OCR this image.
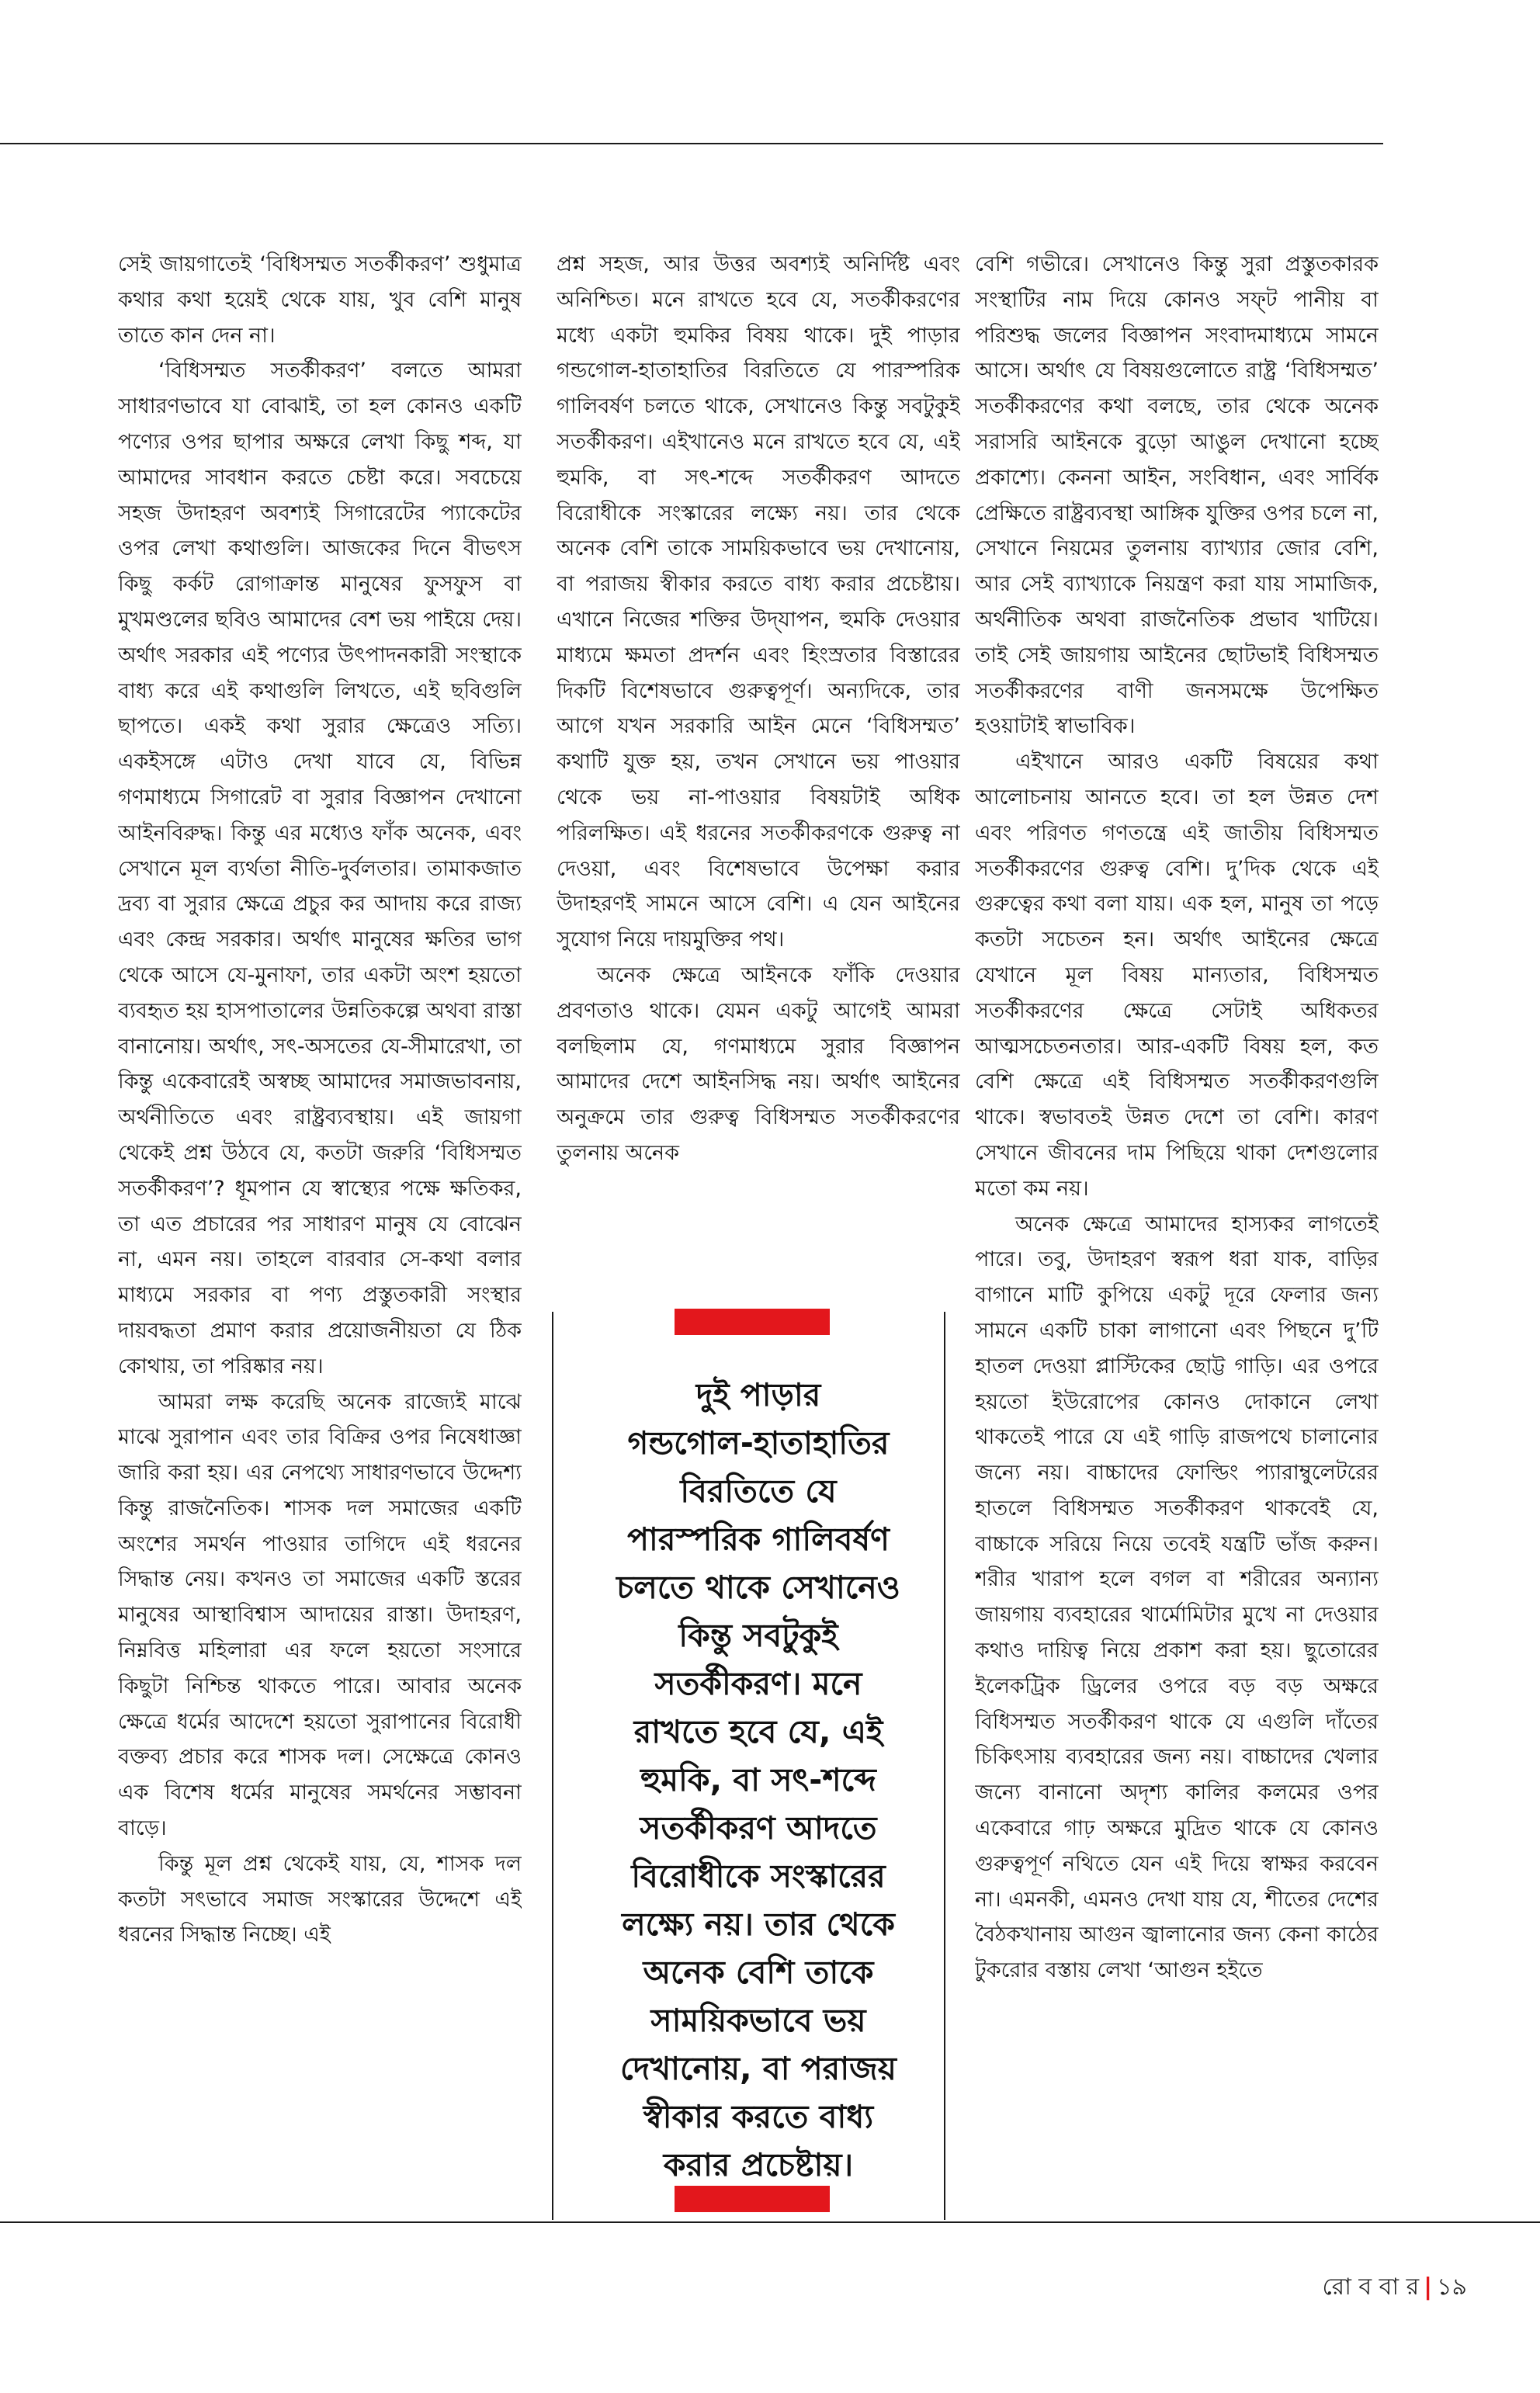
সেই জায়গাতেই ‘বিধিসম্মত সতর্কীকরণ’ শুধুমাত্র কথার কথা হয়েই থেকে যায়, খুব বেশি মানুষ তাতে কান দেন না।

‘বিধিসম্মত সতর্কীকরণ’ বলতে আমরা সাধারণভাবে যা বোঝাই, তা হল কোনও একটি পণ্যের ওপর ছাপার অক্ষরে লেখা কিছু শব্দ, যা আমাদের সাবধান করতে চেষ্টা করে। সবচেয়ে সহজ উদাহরণ অবশ্যই সিগারেটের প্যাকেটের ওপর লেখা কথাগুলি। আজকের দিনে বীভৎস কিছু কর্কট রোগাক্রান্ত মানুষের ফুসফুস বা মুখমণ্ডলের ছবিও আমাদের বেশ ভয় পাইয়ে দেয়। অর্থাৎ সরকার এই পণ্যের উৎপাদনকারী সংস্থাকে বাধ্য করে এই কথাগুলি লিখতে, এই ছবিগুলি ছাপতে। একই কথা সুরার ক্ষেত্রেও সত্যি। একইসঙ্গে এটাও দেখা যাবে যে, বিভিন্ন গণমাধ্যমে সিগারেট বা সুরার বিজ্ঞাপন দেখানো আইনবিরুদ্ধ। কিন্তু এর মধ্যেও ফাঁক অনেক, এবং সেখানে মূল ব্যর্থতা নীতি-দুর্বলতার। তামাকজাত দ্রব্য বা সুরার ক্ষেত্রে প্রচুর কর আদায় করে রাজ্য এবং কেন্দ্র সরকার। অর্থাৎ মানুষের ক্ষতির ভাগ থেকে আসে যে-মুনাফা, তার একটা অংশ হয়তো ব্যবহৃত হয় হাসপাতালের উন্নতিকল্পে অথবা রাস্তা বানানোয়। অর্থাৎ, সৎ-অসতের যে-সীমারেখা, তা কিন্তু একেবারেই অস্বচ্ছ আমাদের সমাজভাবনায়, অর্থনীতিতে এবং রাষ্ট্রব্যবস্থায়। এই জায়গা থেকেই প্রশ্ন উঠবে যে, কতটা জরুরি ‘বিধিসম্মত সতর্কীকরণ’? ধূমপান যে স্বাস্থ্যের পক্ষে ক্ষতিকর, তা এত প্রচারের পর সাধারণ মানুষ যে বোঝেন না, এমন নয়। তাহলে বারবার সে-কথা বলার মাধ্যমে সরকার বা পণ্য প্রস্তুতকারী সংস্থার দায়বদ্ধতা প্রমাণ করার প্রয়োজনীয়তা যে ঠিক কোথায়, তা পরিষ্কার নয়।

আমরা লক্ষ করেছি অনেক রাজ্যেই মাঝে মাঝে সুরাপান এবং তার বিক্রির ওপর নিষেধাজ্ঞা জারি করা হয়। এর নেপথ্যে সাধারণভাবে উদ্দেশ্য কিন্তু রাজনৈতিক। শাসক দল সমাজের একটি অংশের সমর্থন পাওয়ার তাগিদে এই ধরনের সিদ্ধান্ত নেয়। কখনও তা সমাজের একটি স্তরের মানুষের আস্থাবিশ্বাস আদায়ের রাস্তা। উদাহরণ, নিম্নবিত্ত মহিলারা এর ফলে হয়তো সংসারে কিছুটা নিশ্চিন্ত থাকতে পারে। আবার অনেক ক্ষেত্রে ধর্মের আদেশে হয়তো সুরাপানের বিরোধী বক্তব্য প্রচার করে শাসক দল। সেক্ষেত্রে কোনও এক বিশেষ ধর্মের মানুষের সমর্থনের সম্ভাবনা বাড়ে।

কিন্তু মূল প্রশ্ন থেকেই যায়, যে, শাসক দল কতটা সৎভাবে সমাজ সংস্কারের উদ্দেশে এই ধরনের সিদ্ধান্ত নিচ্ছে। এই

প্রশ্ন সহজ, আর উত্তর অবশ্যই অনির্দিষ্ট এবং অনিশ্চিত। মনে রাখতে হবে যে, সতর্কীকরণের মধ্যে একটা হুমকির বিষয় থাকে। দুই পাড়ার গন্ডগোল-হাতাহাতির বিরতিতে যে পারস্পরিক গালিবর্ষণ চলতে থাকে, সেখানেও কিন্তু সবটুকুই সতর্কীকরণ। এইখানেও মনে রাখতে হবে যে, এই হুমকি, বা সৎ-শব্দে সতর্কীকরণ আদতে বিরোধীকে সংস্কারের লক্ষ্যে নয়। তার থেকে অনেক বেশি তাকে সাময়িকভাবে ভয় দেখানোয়, বা পরাজয় স্বীকার করতে বাধ্য করার প্রচেষ্টায়। এখানে নিজের শক্তির উদ্‌যাপন, হুমকি দেওয়ার মাধ্যমে ক্ষমতা প্রদর্শন এবং হিংস্রতার বিস্তারের দিকটি বিশেষভাবে গুরুত্বপূর্ণ। অন্যদিকে, তার আগে যখন সরকারি আইন মেনে ‘বিধিসম্মত’ কথাটি যুক্ত হয়, তখন সেখানে ভয় পাওয়ার থেকে ভয় না-পাওয়ার বিষয়টাই অধিক পরিলক্ষিত। এই ধরনের সতর্কীকরণকে গুরুত্ব না দেওয়া, এবং বিশেষভাবে উপেক্ষা করার উদাহরণই সামনে আসে বেশি। এ যেন আইনের সুযোগ নিয়ে দায়মুক্তির পথ।

অনেক ক্ষেত্রে আইনকে ফাঁকি দেওয়ার প্রবণতাও থাকে। যেমন একটু আগেই আমরা বলছিলাম যে, গণমাধ্যমে সুরার বিজ্ঞাপন আমাদের দেশে আইনসিদ্ধ নয়। অর্থাৎ আইনের অনুক্রমে তার গুরুত্ব বিধিসম্মত সতর্কীকরণের তুলনায় অনেক

বেশি গভীরে। সেখানেও কিন্তু সুরা প্রস্তুতকারক সংস্থাটির নাম দিয়ে কোনও সফ্‌ট পানীয় বা পরিশুদ্ধ জলের বিজ্ঞাপন সংবাদমাধ্যমে সামনে আসে। অর্থাৎ যে বিষয়গুলোতে রাষ্ট্র ‘বিধিসম্মত’ সতর্কীকরণের কথা বলছে, তার থেকে অনেক সরাসরি আইনকে বুড়ো আঙুল দেখানো হচ্ছে প্রকাশ্যে। কেননা আইন, সংবিধান, এবং সার্বিক প্রেক্ষিতে রাষ্ট্রব্যবস্থা আঙ্গিক যুক্তির ওপর চলে না, সেখানে নিয়মের তুলনায় ব্যাখ্যার জোর বেশি, আর সেই ব্যাখ্যাকে নিয়ন্ত্রণ করা যায় সামাজিক, অর্থনীতিক অথবা রাজনৈতিক প্রভাব খাটিয়ে। তাই সেই জায়গায় আইনের ছোটভাই বিধিসম্মত সতর্কীকরণের বাণী জনসমক্ষে উপেক্ষিত হওয়াটাই স্বাভাবিক।

এইখানে আরও একটি বিষয়ের কথা আলোচনায় আনতে হবে। তা হল উন্নত দেশ এবং পরিণত গণতন্ত্রে এই জাতীয় বিধিসম্মত সতর্কীকরণের গুরুত্ব বেশি। দু’দিক থেকে এই গুরুত্বের কথা বলা যায়। এক হল, মানুষ তা পড়ে কতটা সচেতন হন। অর্থাৎ আইনের ক্ষেত্রে যেখানে মূল বিষয় মান্যতার, বিধিসম্মত সতর্কীকরণের ক্ষেত্রে সেটাই অধিকতর আত্মসচেতনতার। আর-একটি বিষয় হল, কত বেশি ক্ষেত্রে এই বিধিসম্মত সতর্কীকরণগুলি থাকে। স্বভাবতই উন্নত দেশে তা বেশি। কারণ সেখানে জীবনের দাম পিছিয়ে থাকা দেশগুলোর মতো কম নয়।

অনেক ক্ষেত্রে আমাদের হাস্যকর লাগতেই পারে। তবু, উদাহরণ স্বরূপ ধরা যাক, বাড়ির বাগানে মাটি কুপিয়ে একটু দূরে ফেলার জন্য সামনে একটি চাকা লাগানো এবং পিছনে দু’টি হাতল দেওয়া প্লাস্টিকের ছোট্ট গাড়ি। এর ওপরে হয়তো ইউরোপের কোনও দোকানে লেখা থাকতেই পারে যে এই গাড়ি রাজপথে চালানোর জন্যে নয়। বাচ্চাদের ফোল্ডিং প্যারাম্বুলেটরের হাতলে বিধিসম্মত সতর্কীকরণ থাকবেই যে, বাচ্চাকে সরিয়ে নিয়ে তবেই যন্ত্রটি ভাঁজ করুন। শরীর খারাপ হলে বগল বা শরীরের অন্যান্য জায়গায় ব্যবহারের থার্মোমিটার মুখে না দেওয়ার কথাও দায়িত্ব নিয়ে প্রকাশ করা হয়। ছুতোরের ইলেকট্রিক ড্রিলের ওপরে বড় বড় অক্ষরে বিধিসম্মত সতর্কীকরণ থাকে যে এগুলি দাঁতের চিকিৎসায় ব্যবহারের জন্য নয়। বাচ্চাদের খেলার জন্যে বানানো অদৃশ্য কালির কলমের ওপর একেবারে গাঢ় অক্ষরে মুদ্রিত থাকে যে কোনও গুরুত্বপূর্ণ নথিতে যেন এই দিয়ে স্বাক্ষর করবেন না। এমনকী, এমনও দেখা যায় যে, শীতের দেশের বৈঠকখানায় আগুন জ্বালানোর জন্য কেনা কাঠের টুকরোর বস্তায় লেখা ‘আগুন হইতে

দুই পাড়ার
গন্ডগোল-হাতাহাতির
বিরতিতে যে
পারস্পরিক গালিবর্ষণ
চলতে থাকে সেখানেও
কিন্তু সবটুকুই
সতর্কীকরণ। মনে
রাখতে হবে যে, এই
হুমকি, বা সৎ-শব্দে
সতর্কীকরণ আদতে
বিরোধীকে সংস্কারের
লক্ষ্যে নয়। তার থেকে
অনেক বেশি তাকে
সাময়িকভাবে ভয়
দেখানোয়, বা পরাজয়
স্বীকার করতে বাধ্য
করার প্রচেষ্টায়।
রো ব বা র | ১৯
